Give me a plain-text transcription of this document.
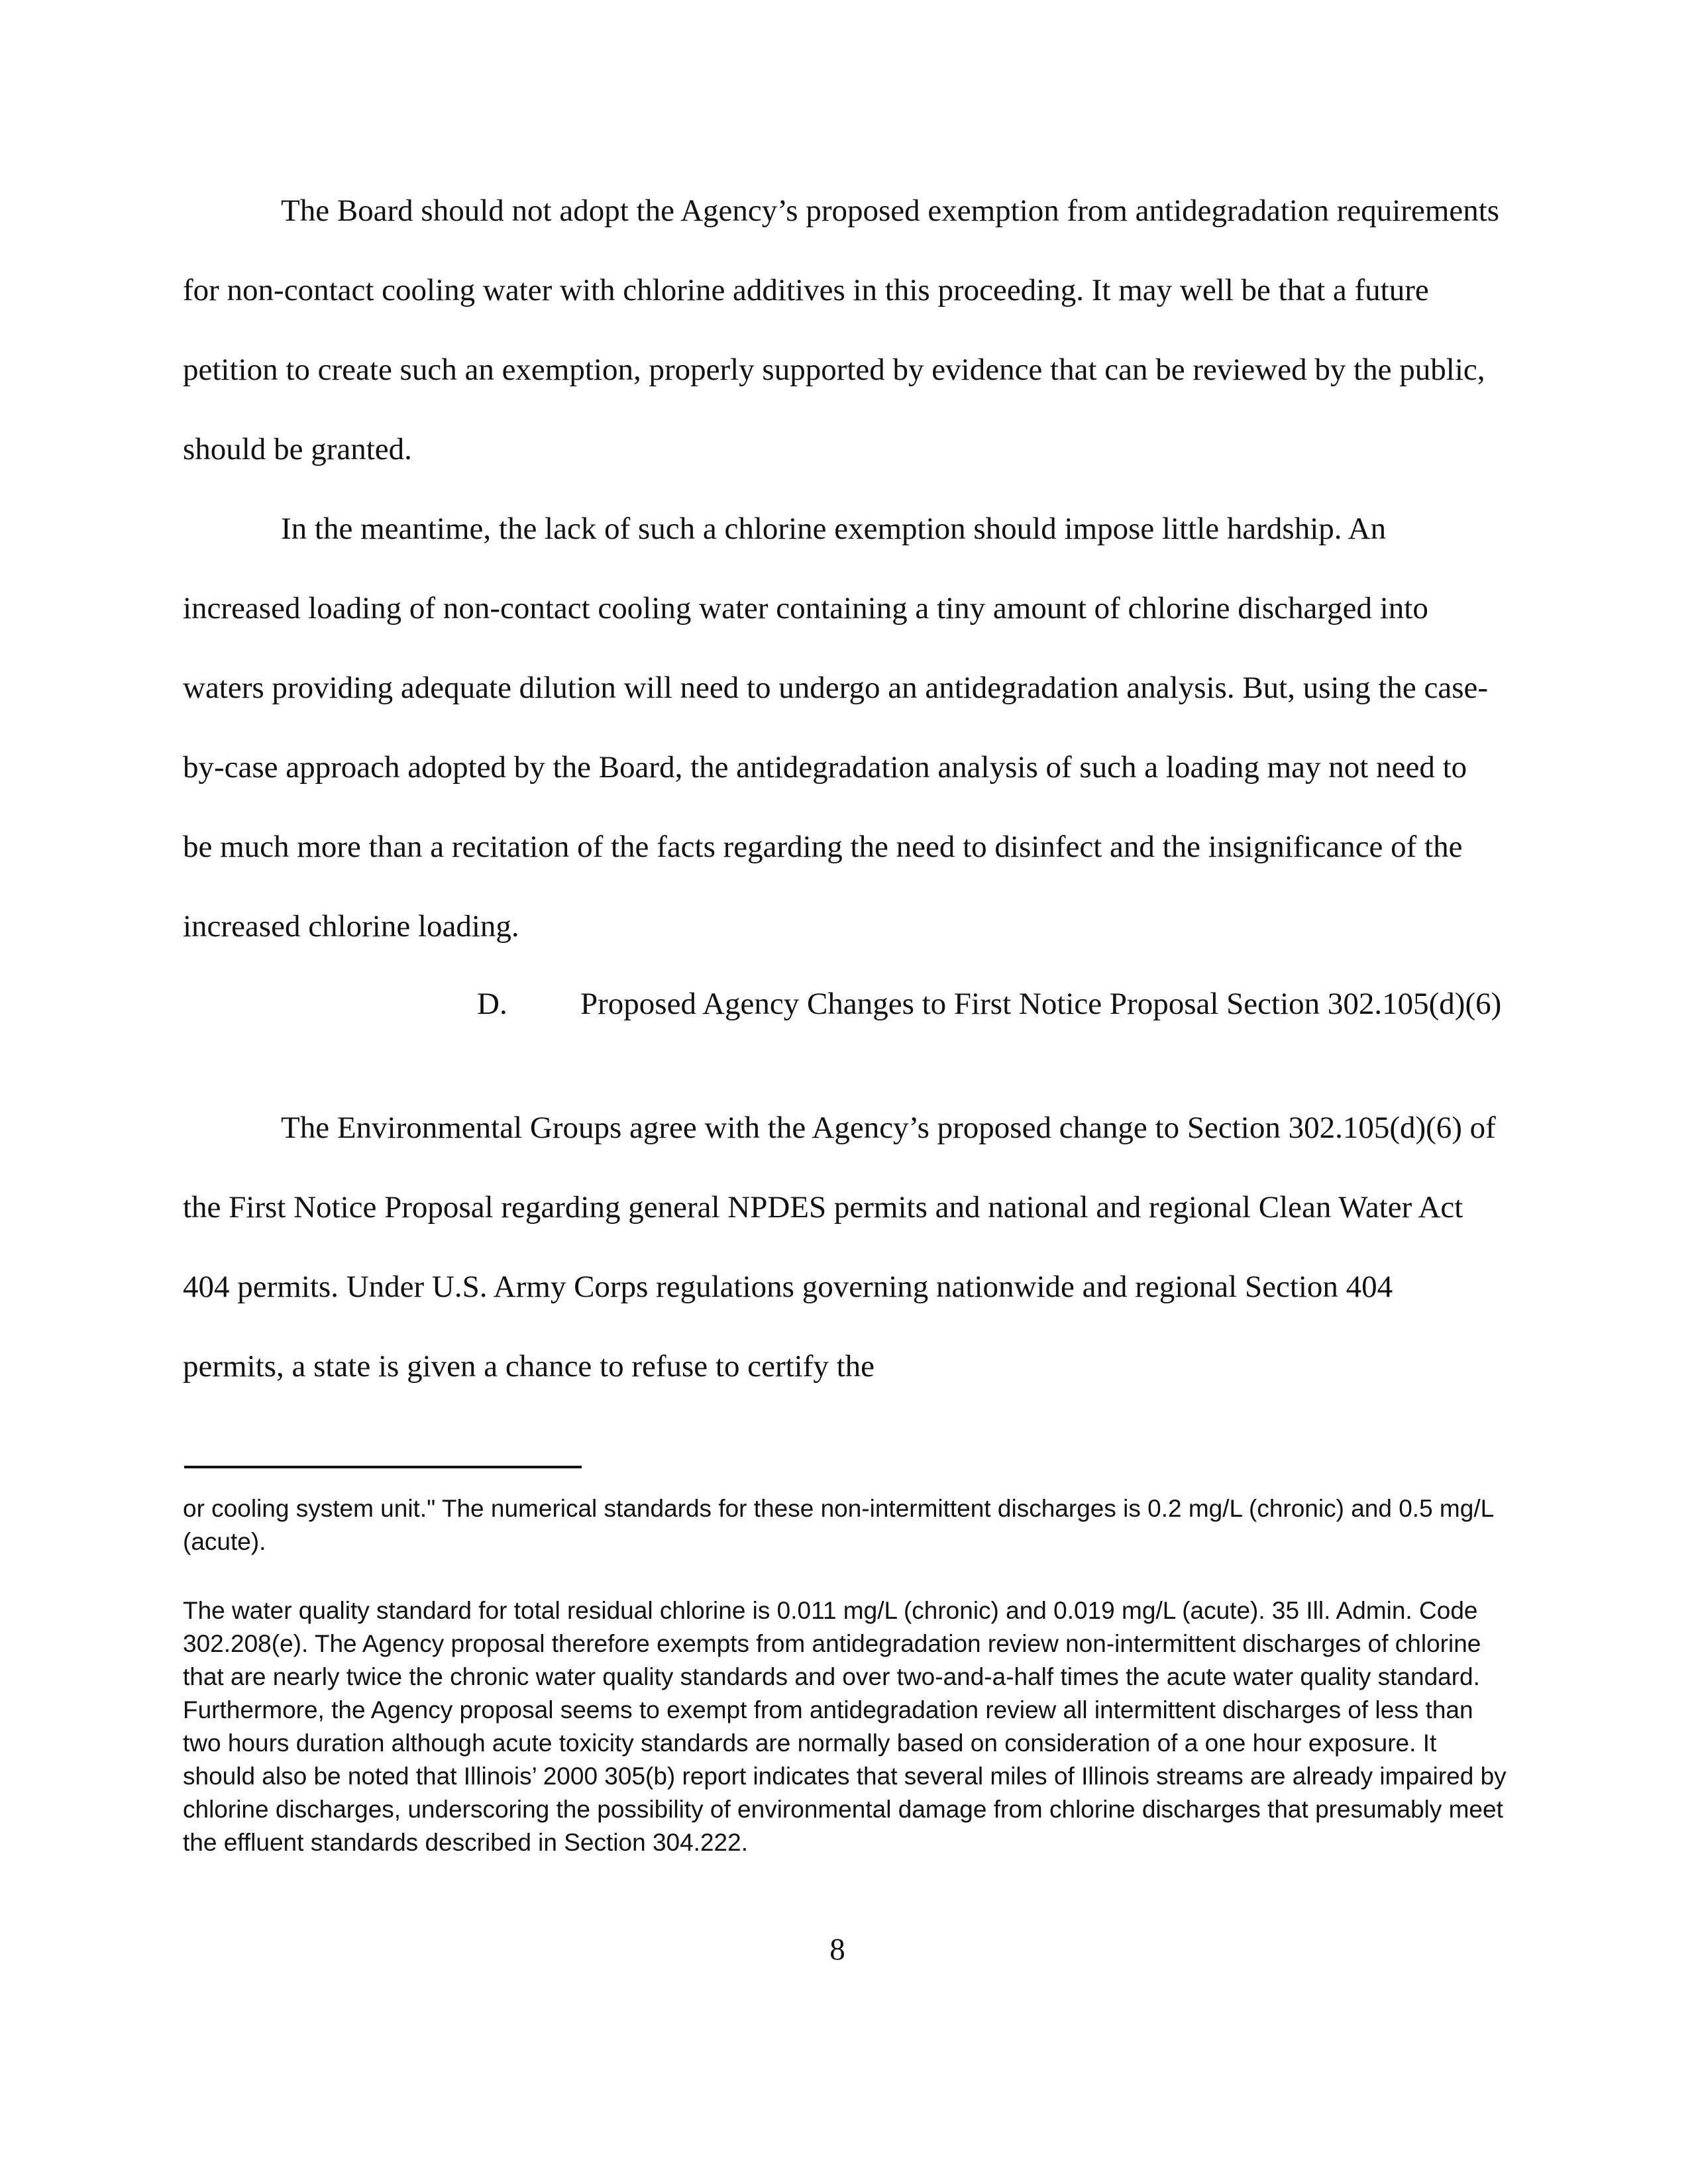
The Board should not adopt the Agency’s proposed exemption from antidegradation requirements for non-contact cooling water with chlorine additives in this proceeding. It may well be that a future petition to create such an exemption, properly supported by evidence that can be reviewed by the public, should be granted.

In the meantime, the lack of such a chlorine exemption should impose little hardship. An increased loading of non-contact cooling water containing a tiny amount of chlorine discharged into waters providing adequate dilution will need to undergo an antidegradation analysis. But, using the case-by-case approach adopted by the Board, the antidegradation analysis of such a loading may not need to be much more than a recitation of the facts regarding the need to disinfect and the insignificance of the increased chlorine loading.

D. Proposed Agency Changes to First Notice Proposal Section 302.105(d)(6)

The Environmental Groups agree with the Agency’s proposed change to Section 302.105(d)(6) of the First Notice Proposal regarding general NPDES permits and national and regional Clean Water Act 404 permits. Under U.S. Army Corps regulations governing nationwide and regional Section 404 permits, a state is given a chance to refuse to certify the

or cooling system unit." The numerical standards for these non-intermittent discharges is 0.2 mg/L (chronic) and 0.5 mg/L (acute).

The water quality standard for total residual chlorine is 0.011 mg/L (chronic) and 0.019 mg/L (acute). 35 Ill. Admin. Code 302.208(e). The Agency proposal therefore exempts from antidegradation review non-intermittent discharges of chlorine that are nearly twice the chronic water quality standards and over two-and-a-half times the acute water quality standard. Furthermore, the Agency proposal seems to exempt from antidegradation review all intermittent discharges of less than two hours duration although acute toxicity standards are normally based on consideration of a one hour exposure. It should also be noted that Illinois’ 2000 305(b) report indicates that several miles of Illinois streams are already impaired by chlorine discharges, underscoring the possibility of environmental damage from chlorine discharges that presumably meet the effluent standards described in Section 304.222.

8
